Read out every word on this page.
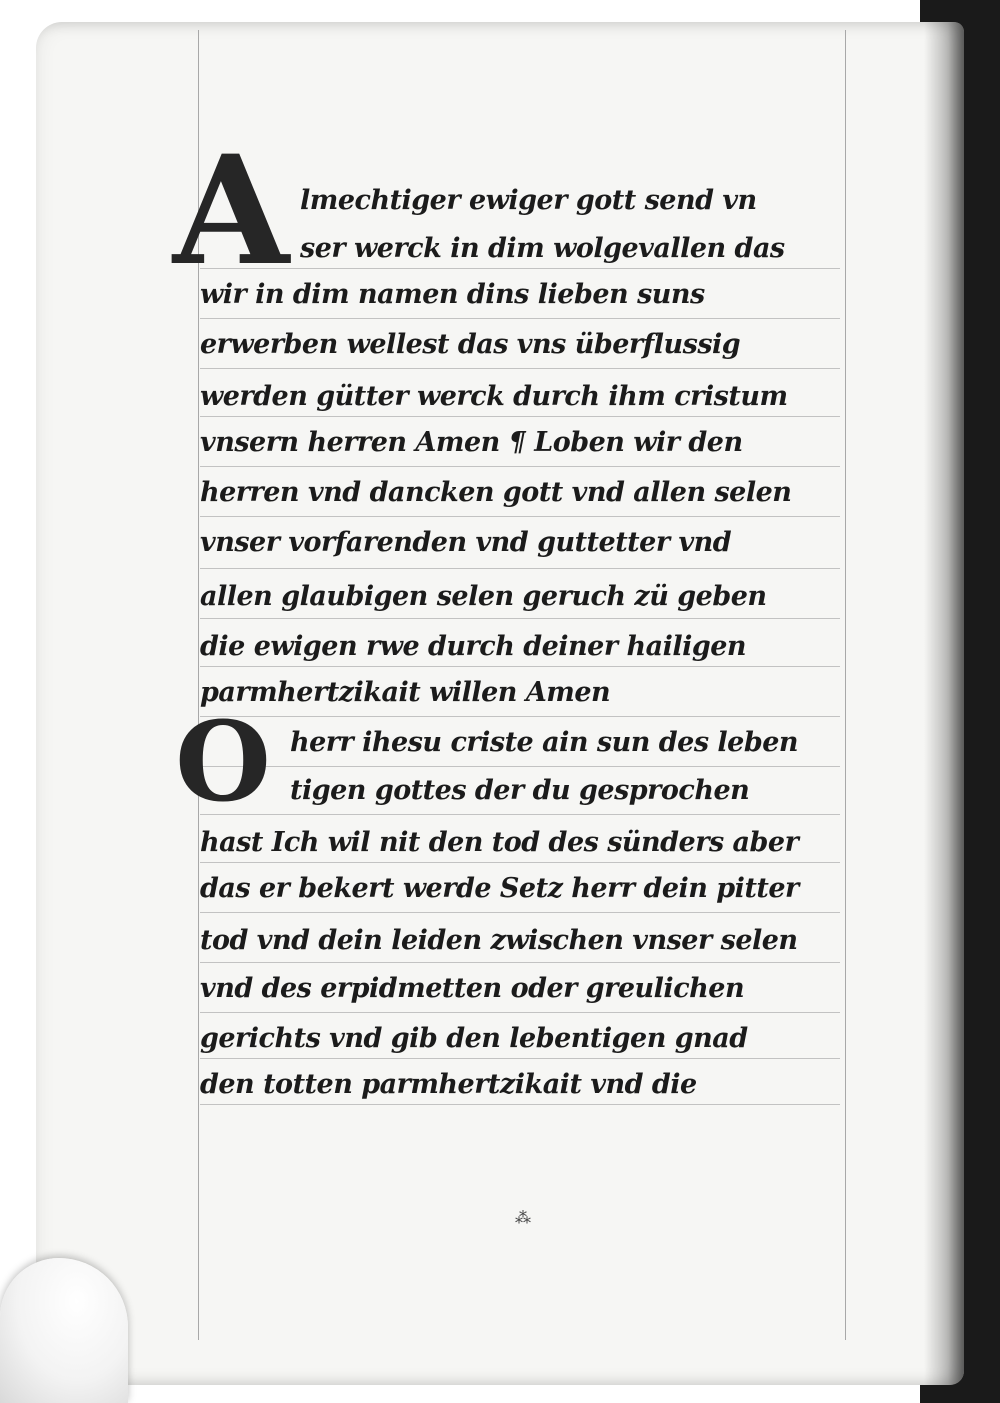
A
O
lmechtiger ewiger gott send vn
ser werck in dim wolgevallen das
wir in dim namen dins lieben suns
erwerben wellest das vns überflussig
werden gütter werck durch ihm cristum
vnsern herren Amen ¶ Loben wir den
herren vnd dancken gott vnd allen selen
vnser vorfarenden vnd guttetter vnd
allen glaubigen selen geruch zü geben
die ewigen rwe durch deiner hailigen
parmhertzikait willen Amen
herr ihesu criste ain sun des leben
tigen gottes der du gesprochen
hast Ich wil nit den tod des sünders aber
das er bekert werde Setz herr dein pitter
tod vnd dein leiden zwischen vnser selen
vnd des erpidmetten oder greulichen
gerichts vnd gib den lebentigen gnad
den totten parmhertzikait vnd die
⁂
